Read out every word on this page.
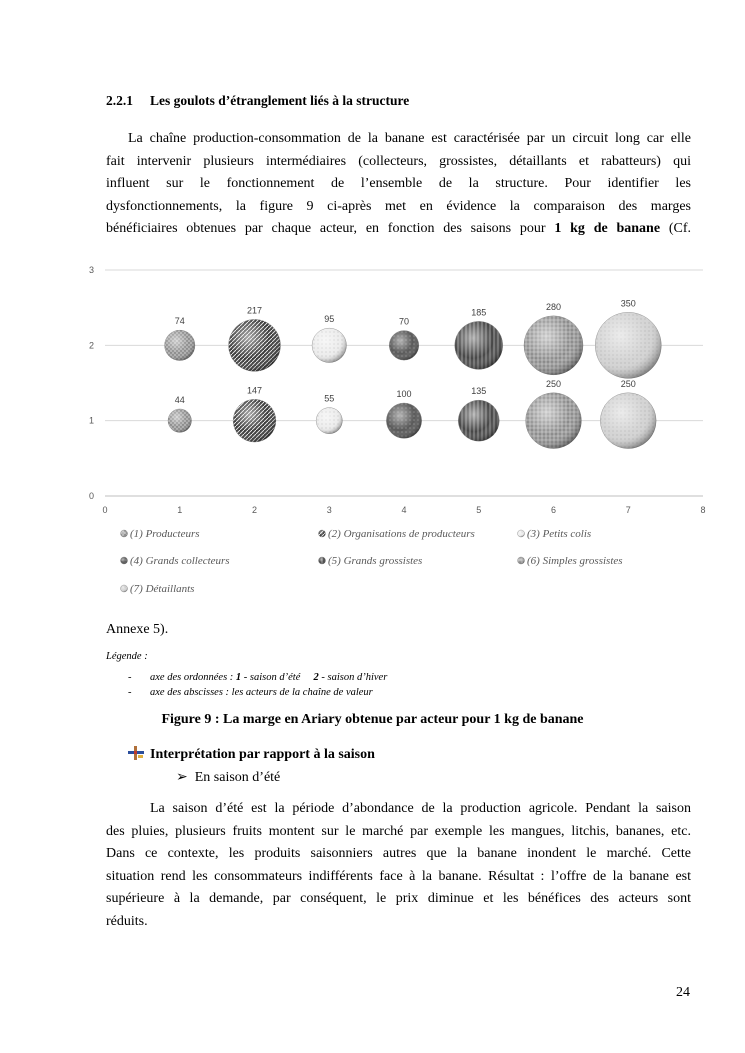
2.2.1 Les goulots d’étranglement liés à la structure
La chaîne production-consommation de la banane est caractérisée par un circuit long car elle
fait intervenir plusieurs intermédiaires (collecteurs, grossistes, détaillants et rabatteurs) qui
influent sur le fonctionnement de l’ensemble de la structure. Pour identifier les
dysfonctionnements, la figure 9 ci-après met en évidence la comparaison des marges
bénéficiaires obtenues par chaque acteur, en fonction des saisons pour 1 kg de banane (Cf.
0
1
2
3
0	1	2	3	4	5	6	7	8
74
44
217
147
95
55
70
100
185
135
280
250
350
250
(1) Producteurs	(2) Organisations de producteurs	(3) Petits colis
(4) Grands collecteurs	(5) Grands grossistes	(6) Simples grossistes
(7) Détaillants
Annexe 5).
Légende :
- axe des ordonnées : 1 - saison d’été 2 - saison d’hiver
- axe des abscisses : les acteurs de la chaîne de valeur
Figure 9 : La marge en Ariary obtenue par acteur pour 1 kg de banane
Interprétation par rapport à la saison
➢ En saison d’été
La saison d’été est la période d’abondance de la production agricole. Pendant la saison
des pluies, plusieurs fruits montent sur le marché par exemple les mangues, litchis, bananes, etc.
Dans ce contexte, les produits saisonniers autres que la banane inondent le marché. Cette
situation rend les consommateurs indifférents face à la banane. Résultat : l’offre de la banane est
supérieure à la demande, par conséquent, le prix diminue et les bénéfices des acteurs sont
réduits.
24
